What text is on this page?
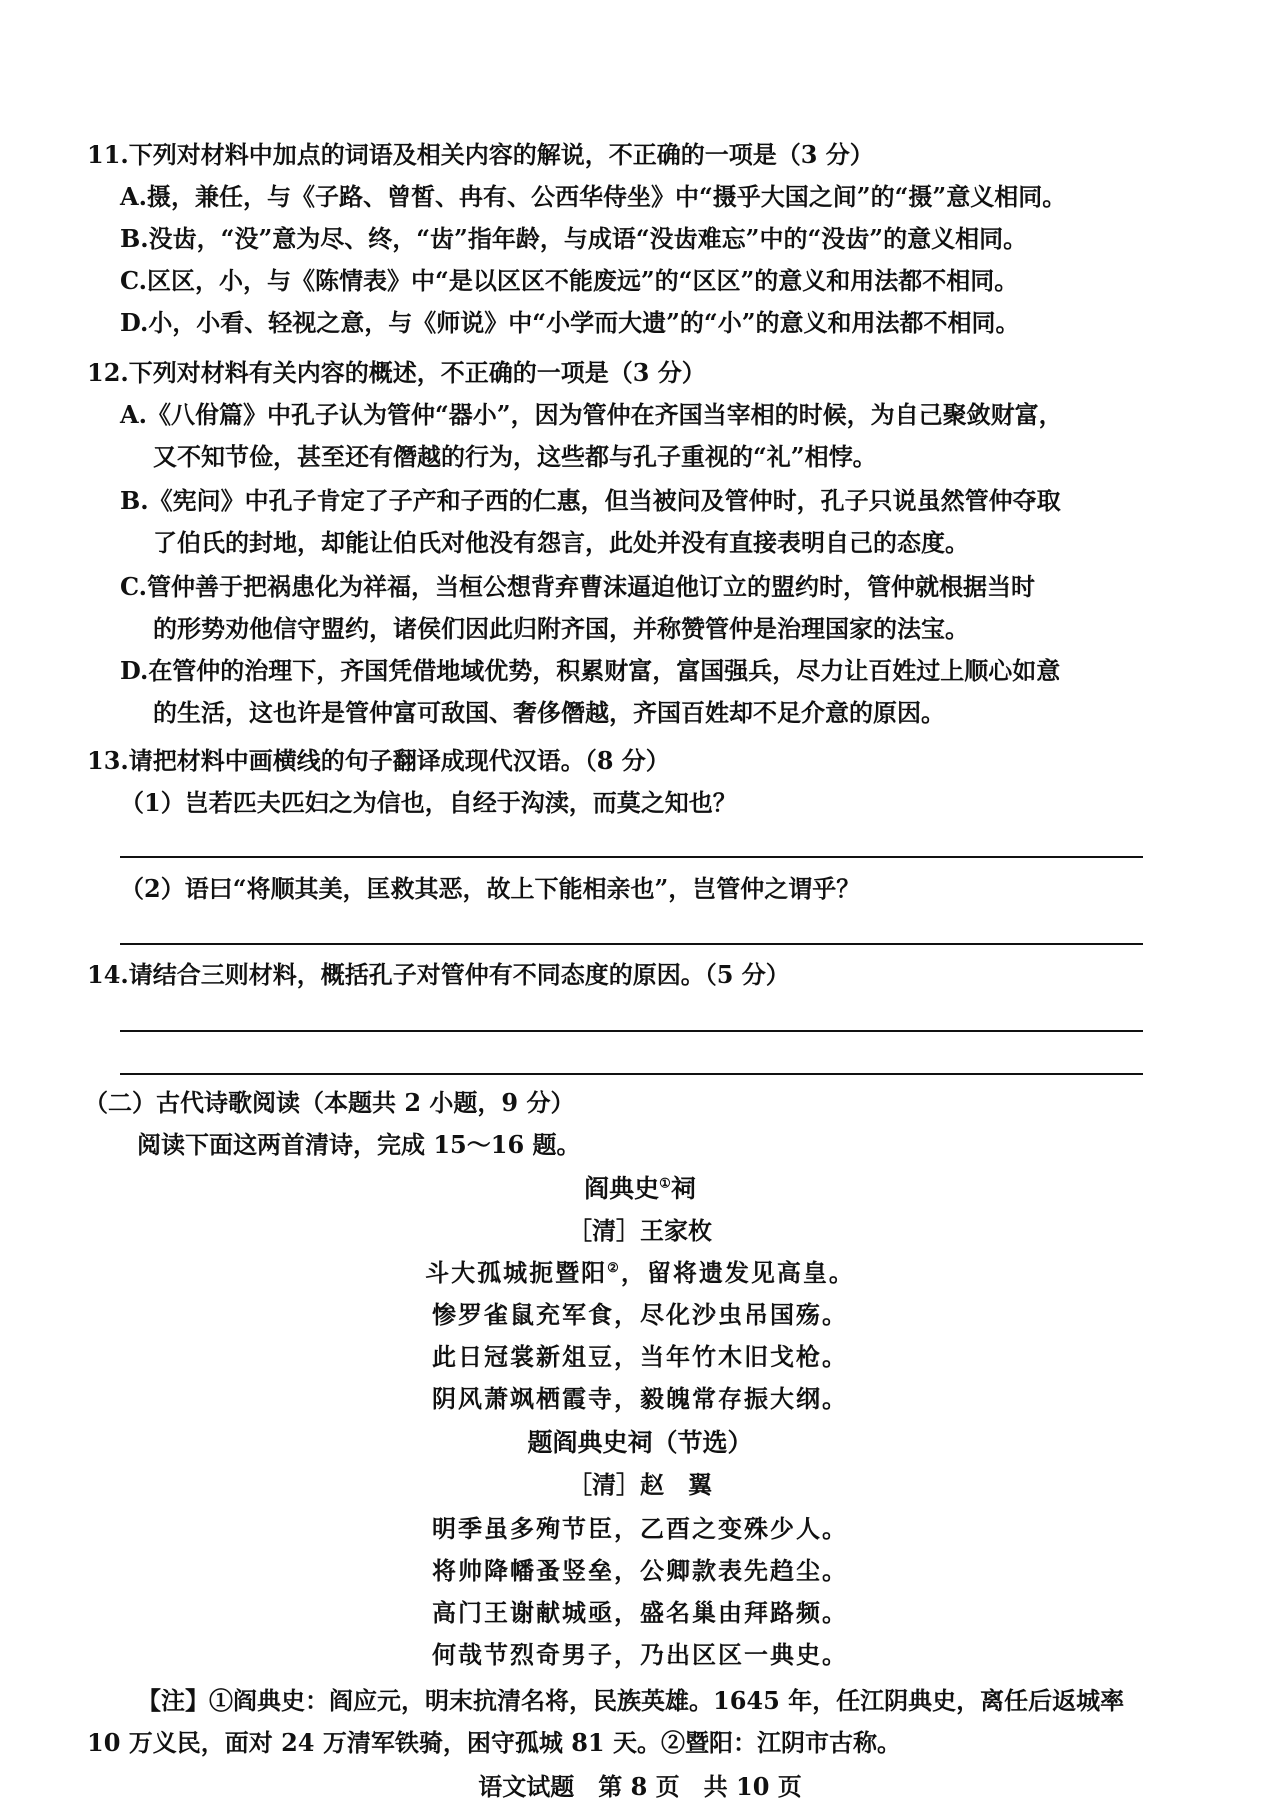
11.下列对材料中加点的词语及相关内容的解说，不正确的一项是（3 分）
A.摄，兼任，与《子路、曾皙、冉有、公西华侍坐》中“摄乎大国之间”的“摄”意义相同。
B.没齿，“没”意为尽、终，“齿”指年龄，与成语“没齿难忘”中的“没齿”的意义相同。
C.区区，小，与《陈情表》中“是以区区不能废远”的“区区”的意义和用法都不相同。
D.小，小看、轻视之意，与《师说》中“小学而大遗”的“小”的意义和用法都不相同。
12.下列对材料有关内容的概述，不正确的一项是（3 分）
A.《八佾篇》中孔子认为管仲“器小”，因为管仲在齐国当宰相的时候，为自己聚敛财富，
又不知节俭，甚至还有僭越的行为，这些都与孔子重视的“礼”相悖。
B.《宪问》中孔子肯定了子产和子西的仁惠，但当被问及管仲时，孔子只说虽然管仲夺取
了伯氏的封地，却能让伯氏对他没有怨言，此处并没有直接表明自己的态度。
C.管仲善于把祸患化为祥福，当桓公想背弃曹沫逼迫他订立的盟约时，管仲就根据当时
的形势劝他信守盟约，诸侯们因此归附齐国，并称赞管仲是治理国家的法宝。
D.在管仲的治理下，齐国凭借地域优势，积累财富，富国强兵，尽力让百姓过上顺心如意
的生活，这也许是管仲富可敌国、奢侈僭越，齐国百姓却不足介意的原因。
13.请把材料中画横线的句子翻译成现代汉语。（8 分）
（1）岂若匹夫匹妇之为信也，自经于沟渎，而莫之知也？
（2）语曰“将顺其美，匡救其恶，故上下能相亲也”，岂管仲之谓乎？
14.请结合三则材料，概括孔子对管仲有不同态度的原因。（5 分）
（二）古代诗歌阅读（本题共 2 小题，9 分）
阅读下面这两首清诗，完成 15～16 题。
阎典史①祠
［清］王家枚
斗大孤城扼暨阳②，留将遗发见高皇。
惨罗雀鼠充军食，尽化沙虫吊国殇。
此日冠裳新俎豆，当年竹木旧戈枪。
阴风萧飒栖霞寺，毅魄常存振大纲。
题阎典史祠（节选）
［清］赵　翼
明季虽多殉节臣，乙酉之变殊少人。
将帅降幡蚤竖垒，公卿款表先趋尘。
高门王谢献城亟，盛名巢由拜路频。
何哉节烈奇男子，乃出区区一典史。
【注】①阎典史：阎应元，明末抗清名将，民族英雄。1645 年，任江阴典史，离任后返城率
10 万义民，面对 24 万清军铁骑，困守孤城 81 天。②暨阳：江阴市古称。
语文试题　第 8 页　共 10 页
